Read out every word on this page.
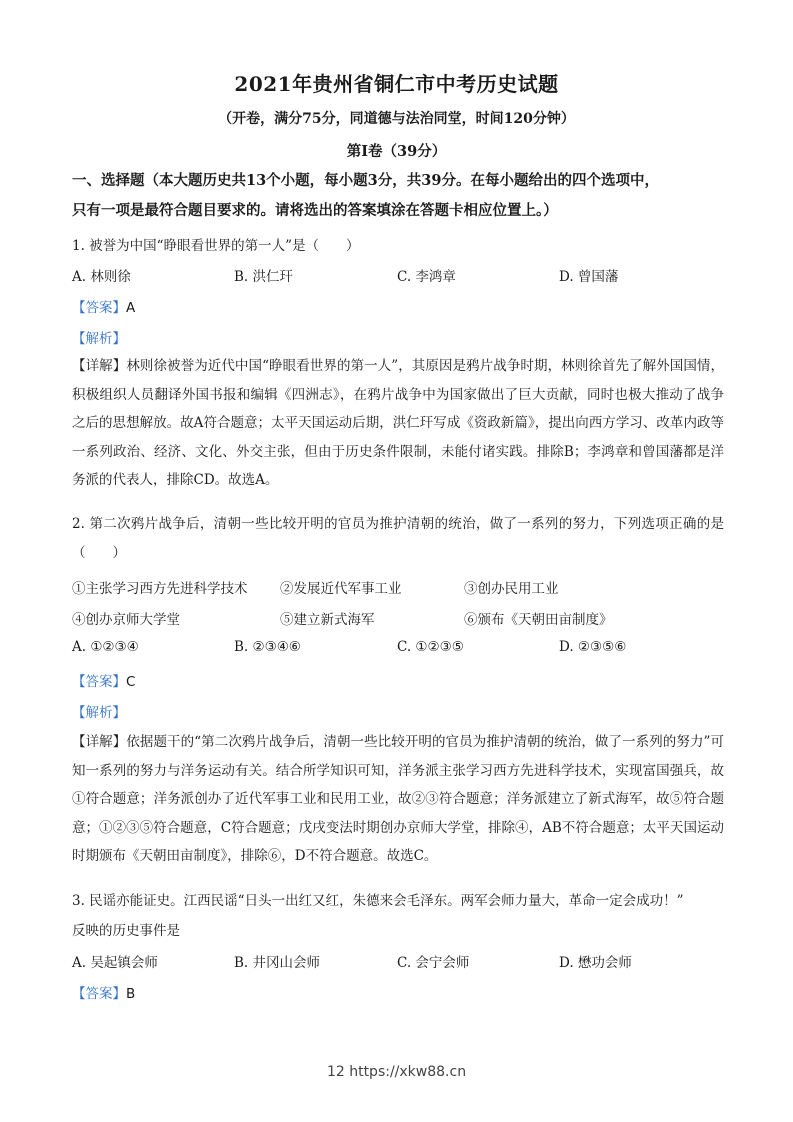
2021年贵州省铜仁市中考历史试题
（开卷，满分75分，同道德与法治同堂，时间120分钟）
第Ⅰ卷（39分）
一、选择题（本大题历史共13个小题，每小题3分，共39分。在每小题给出的四个选项中，
只有一项是最符合题目要求的。请将选出的答案填涂在答题卡相应位置上。）
1. 被誉为中国“睁眼看世界的第一人”是（　　）
A. 林则徐	B. 洪仁玕	C. 李鸿章	D. 曾国藩
【答案】A
【解析】
【详解】林则徐被誉为近代中国“睁眼看世界的第一人”，其原因是鸦片战争时期，林则徐首先了解外国国情，积极组织人员翻译外国书报和编辑《四洲志》，在鸦片战争中为国家做出了巨大贡献，同时也极大推动了战争之后的思想解放。故A符合题意；太平天国运动后期，洪仁玕写成《资政新篇》，提出向西方学习、改革内政等一系列政治、经济、文化、外交主张，但由于历史条件限制，未能付诸实践。排除B；李鸿章和曾国藩都是洋务派的代表人，排除CD。故选A。
2. 第二次鸦片战争后，清朝一些比较开明的官员为推护清朝的统治，做了一系列的努力，下列选项正确的是（　　）
①主张学习西方先进科学技术 ②发展近代军事工业	③创办民用工业
④创办京师大学堂	⑤建立新式海军	⑥颁布《天朝田亩制度》
A. ①②③④	B. ②③④⑥	C. ①②③⑤	D. ②③⑤⑥
【答案】C
【解析】
【详解】依据题干的“第二次鸦片战争后，清朝一些比较开明的官员为推护清朝的统治，做了一系列的努力”可知一系列的努力与洋务运动有关。结合所学知识可知，洋务派主张学习西方先进科学技术，实现富国强兵，故①符合题意；洋务派创办了近代军事工业和民用工业，故②③符合题意；洋务派建立了新式海军，故⑤符合题意；①②③⑤符合题意，C符合题意；戊戌变法时期创办京师大学堂，排除④，AB不符合题意；太平天国运动时期颁布《天朝田亩制度》，排除⑥，D不符合题意。故选C。
3. 民谣亦能证史。江西民谣“日头一出红又红，朱德来会毛泽东。两军会师力量大，革命一定会成功！”
反映的历史事件是
A. 吴起镇会师	B. 井冈山会师	C. 会宁会师	D. 懋功会师
【答案】B
12 https://xkw88.cn
